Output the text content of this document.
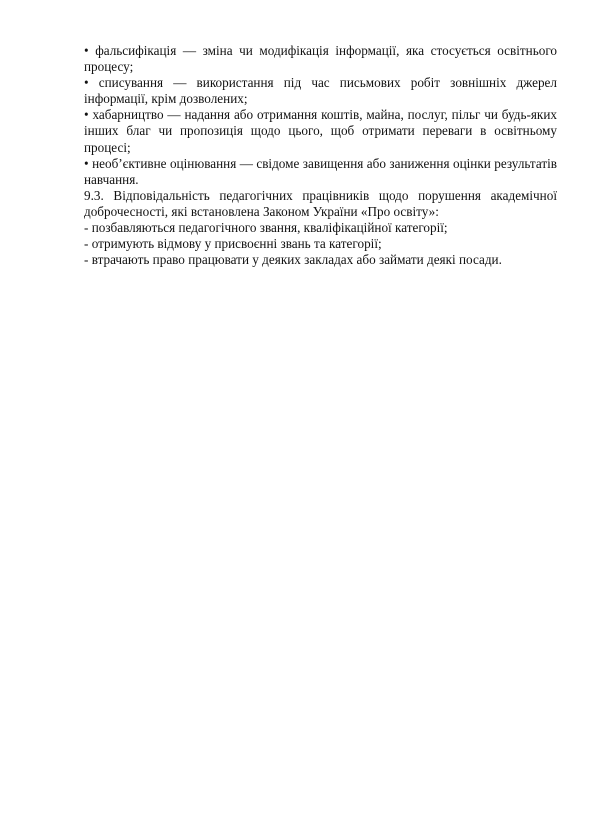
• фальсифікація — зміна чи модифікація інформації, яка стосується освітнього процесу;

• списування — використання під час письмових робіт зовнішніх джерел інформації, крім дозволених;

• хабарництво — надання або отримання коштів, майна, послуг, пільг чи будь-яких інших благ чи пропозиція щодо цього, щоб отримати переваги в освітньому процесі;

• необ’єктивне оцінювання — свідоме завищення або заниження оцінки результатів навчання.

9.3. Відповідальність педагогічних працівників щодо порушення академічної доброчесності, які встановлена Законом України «Про освіту»:

- позбавляються педагогічного звання, кваліфікаційної категорії;

- отримують відмову у присвоєнні звань та категорії;

- втрачають право працювати у деяких закладах або займати деякі посади.
